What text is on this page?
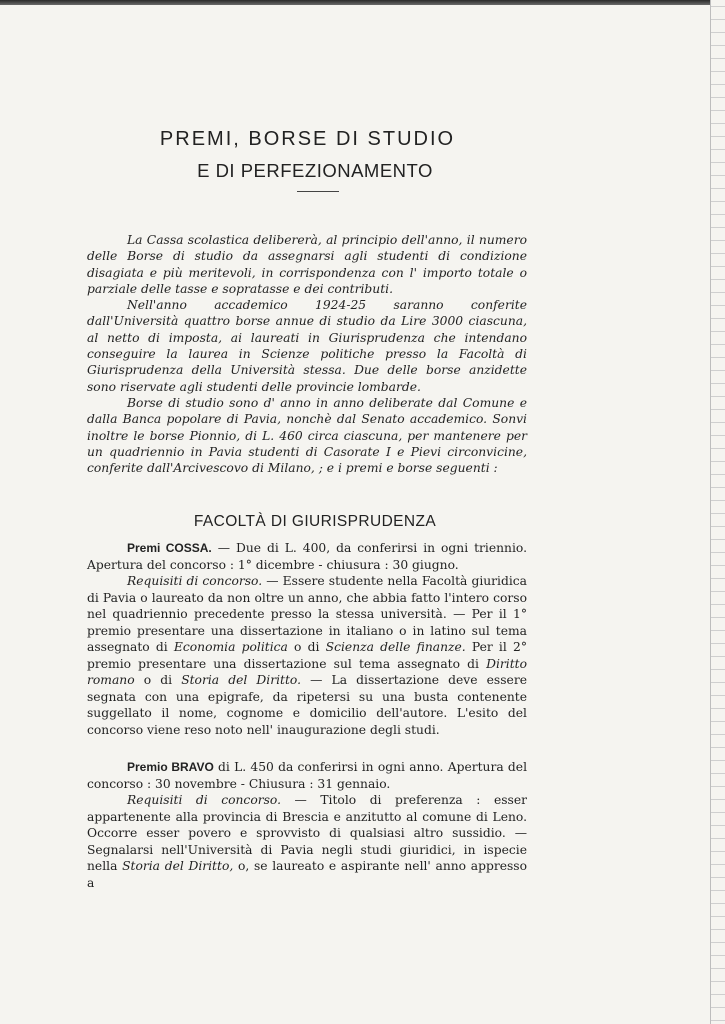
PREMI, BORSE DI STUDIO
E DI PERFEZIONAMENTO

La Cassa scolastica delibererà, al principio dell'anno, il numero delle Borse di studio da assegnarsi agli studenti di condizione disagiata e più meritevoli, in corrispondenza con l' importo totale o parziale delle tasse e sopratasse e dei contributi.

Nell'anno accademico 1924-25 saranno conferite dall'Università quattro borse annue di studio da Lire 3000 ciascuna, al netto di imposta, ai laureati in Giurisprudenza che intendano conseguire la laurea in Scienze politiche presso la Facoltà di Giurisprudenza della Università stessa. Due delle borse anzidette sono riservate agli studenti delle provincie lombarde.

Borse di studio sono d' anno in anno deliberate dal Comune e dalla Banca popolare di Pavia, nonchè dal Senato accademico. Sonvi inoltre le borse Pionnio, di L. 460 circa ciascuna, per mantenere per un quadriennio in Pavia studenti di Casorate I e Pievi circonvicine, conferite dall'Arcivescovo di Milano, ; e i premi e borse seguenti :

FACOLTÀ DI GIURISPRUDENZA

Premi COSSA. — Due di L. 400, da conferirsi in ogni triennio. Apertura del concorso : 1° dicembre - chiusura : 30 giugno.

Requisiti di concorso. — Essere studente nella Facoltà giuridica di Pavia o laureato da non oltre un anno, che abbia fatto l'intero corso nel quadriennio precedente presso la stessa università. — Per il 1° premio presentare una dissertazione in italiano o in latino sul tema assegnato di Economia politica o di Scienza delle finanze. Per il 2° premio presentare una dissertazione sul tema assegnato di Diritto romano o di Storia del Diritto. — La dissertazione deve essere segnata con una epigrafe, da ripetersi su una busta contenente suggellato il nome, cognome e domicilio dell'autore. L'esito del concorso viene reso noto nell' inaugurazione degli studi.

Premio BRAVO di L. 450 da conferirsi in ogni anno. Apertura del concorso : 30 novembre - Chiusura : 31 gennaio.

Requisiti di concorso. — Titolo di preferenza : esser appartenente alla provincia di Brescia e anzitutto al comune di Leno. Occorre esser povero e sprovvisto di qualsiasi altro sussidio. — Segnalarsi nell'Università di Pavia negli studi giuridici, in ispecie nella Storia del Diritto, o, se laureato e aspirante nell' anno appresso a
